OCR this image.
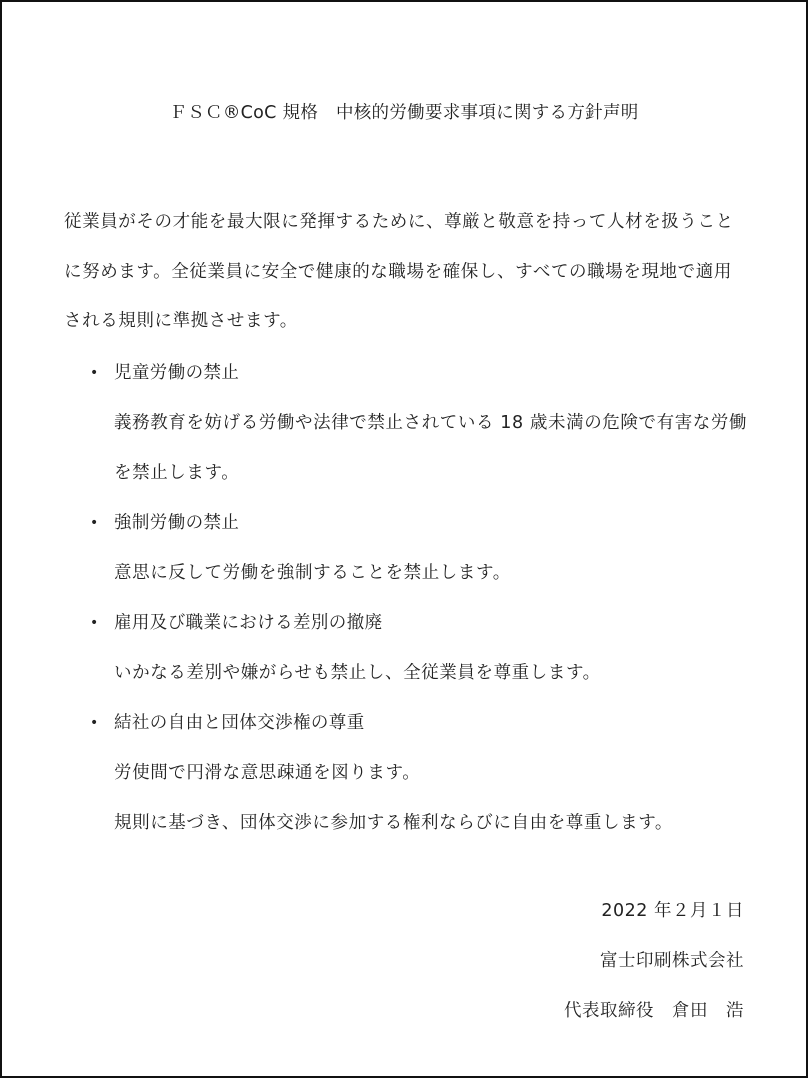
ＦＳＣ®CoC 規格　中核的労働要求事項に関する方針声明

従業員がその才能を最大限に発揮するために、尊厳と敬意を持って人材を扱うことに努めます。全従業員に安全で健康的な職場を確保し、すべての職場を現地で適用される規則に準拠させます。

• 児童労働の禁止
義務教育を妨げる労働や法律で禁止されている 18 歳未満の危険で有害な労働を禁止します。
• 強制労働の禁止
意思に反して労働を強制することを禁止します。
• 雇用及び職業における差別の撤廃
いかなる差別や嫌がらせも禁止し、全従業員を尊重します。
• 結社の自由と団体交渉権の尊重
労使間で円滑な意思疎通を図ります。
規則に基づき、団体交渉に参加する権利ならびに自由を尊重します。
2022 年２月１日
富士印刷株式会社
代表取締役　倉田　浩
